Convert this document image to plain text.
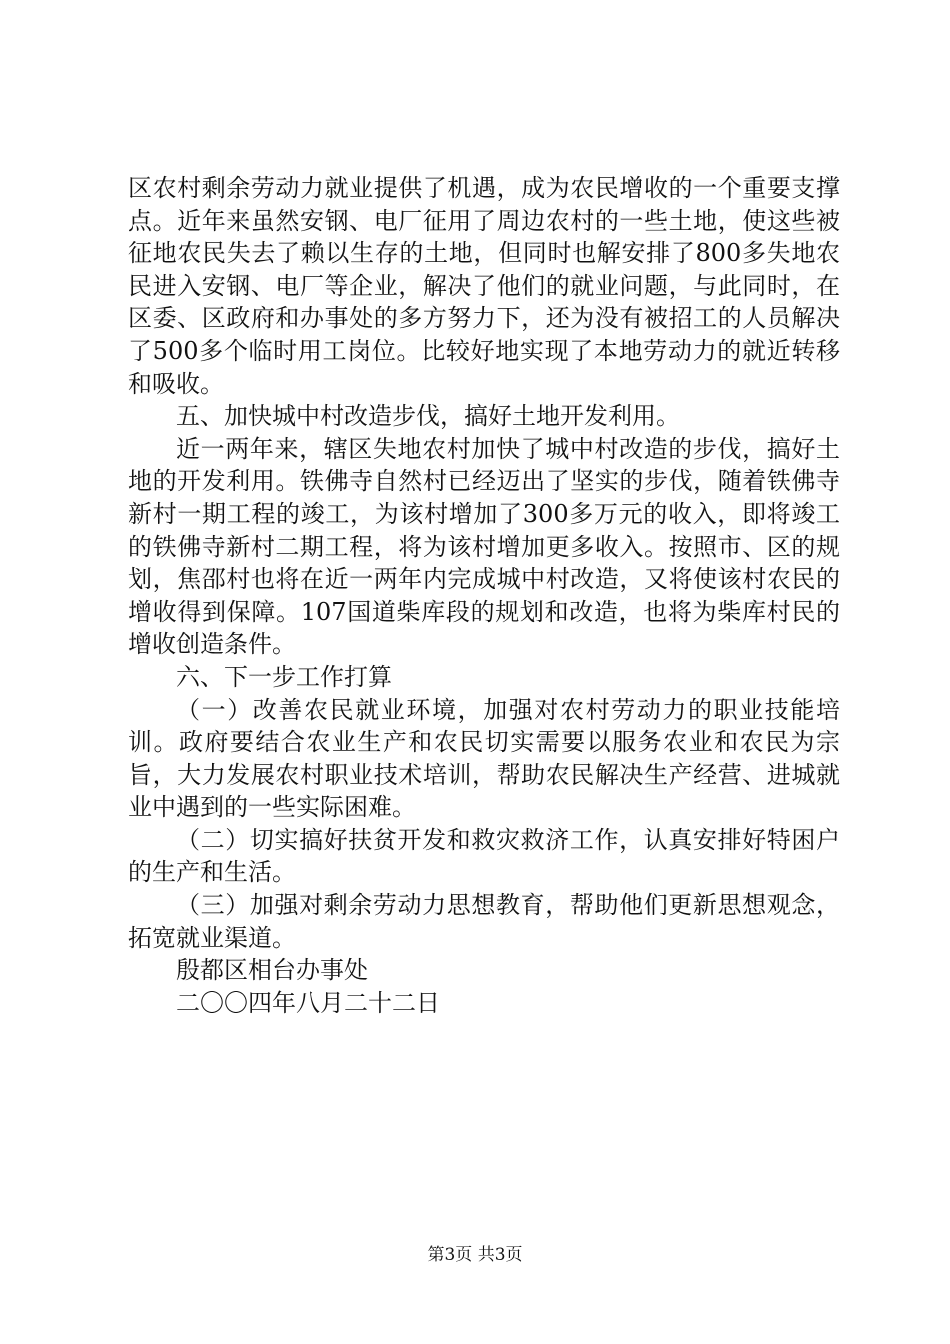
区农村剩余劳动力就业提供了机遇，成为农民增收的一个重要支撑点。近年来虽然安钢、电厂征用了周边农村的一些土地，使这些被征地农民失去了赖以生存的土地，但同时也解安排了800多失地农民进入安钢、电厂等企业，解决了他们的就业问题，与此同时，在区委、区政府和办事处的多方努力下，还为没有被招工的人员解决了500多个临时用工岗位。比较好地实现了本地劳动力的就近转移和吸收。

五、加快城中村改造步伐，搞好土地开发利用。

近一两年来，辖区失地农村加快了城中村改造的步伐，搞好土地的开发利用。铁佛寺自然村已经迈出了坚实的步伐，随着铁佛寺新村一期工程的竣工，为该村增加了300多万元的收入，即将竣工的铁佛寺新村二期工程，将为该村增加更多收入。按照市、区的规划，焦邵村也将在近一两年内完成城中村改造，又将使该村农民的增收得到保障。107国道柴库段的规划和改造，也将为柴库村民的增收创造条件。

六、下一步工作打算

（一）改善农民就业环境，加强对农村劳动力的职业技能培训。政府要结合农业生产和农民切实需要以服务农业和农民为宗旨，大力发展农村职业技术培训，帮助农民解决生产经营、进城就业中遇到的一些实际困难。

（二）切实搞好扶贫开发和救灾救济工作，认真安排好特困户的生产和生活。

（三）加强对剩余劳动力思想教育，帮助他们更新思想观念，拓宽就业渠道。

殷都区相台办事处

二〇〇四年八月二十二日

第3页 共3页
